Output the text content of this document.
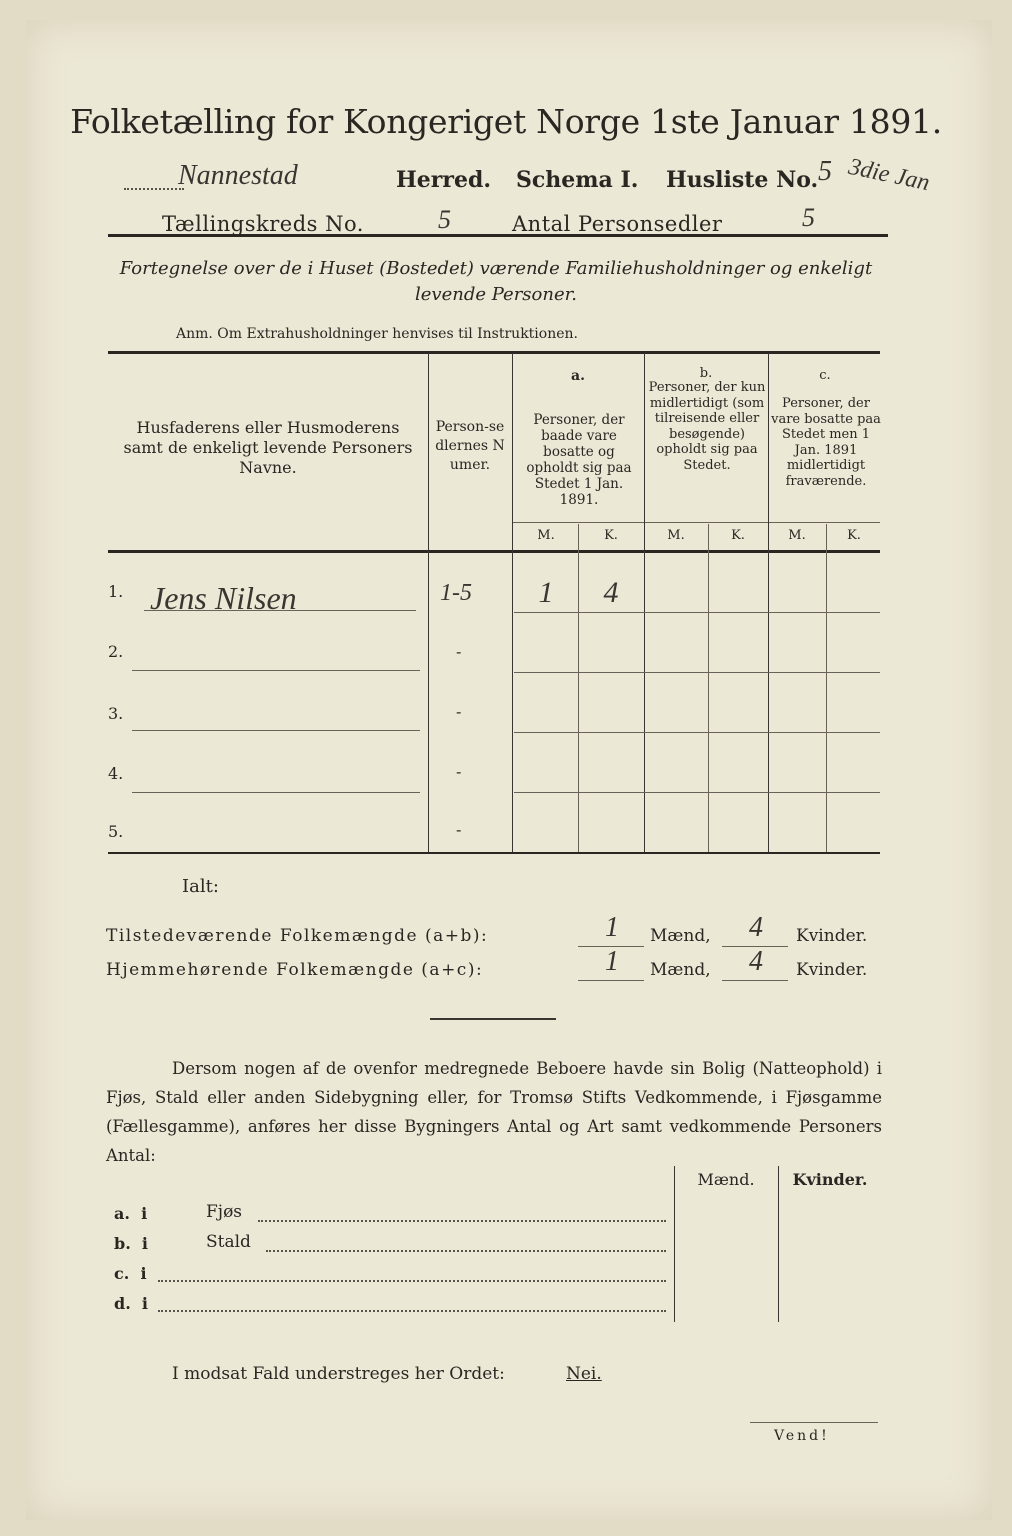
Folketælling for Kongeriget Norge 1ste Januar 1891.
Nannestad	Herred. Schema I. Husliste No. 5 3die Jan
Tællingskreds No.	5	Antal Personsedler	5
Fortegnelse over de i Huset (Bostedet) værende Familiehusholdninger og enkeligt
levende Personer.
Anm. Om Extrahusholdninger henvises til Instruktionen.
Husfaderens eller Husmoderens samt de enkeligt levende Personers Navne.
Person-sedlernes Numer.
a.
Personer, der baade vare bosatte og opholdt sig paa Stedet 1 Jan. 1891.
b.
Personer, der kun midlertidigt (som tilreisende eller besøgende) opholdt sig paa Stedet.
c.
Personer, der vare bosatte paa Stedet men 1 Jan. 1891 midlertidigt fraværende.
M.	K.	M.	K.	M.	K.
1. Jens Nilsen	1-5	1	4
2.	-
3.	-
4.	-
5.	-
Ialt:
Tilstedeværende Folkemængde (a+b):	1	Mænd,	4	Kvinder.
Hjemmehørende Folkemængde (a+c):	1	Mænd,	4	Kvinder.
Dersom nogen af de ovenfor medregnede Beboere havde sin Bolig (Natteophold) i Fjøs, Stald eller anden Sidebygning eller, for Tromsø Stifts Vedkommende, i Fjøsgamme (Fællesgamme), anføres her disse Bygningers Antal og Art samt vedkommende Personers Antal:
Mænd.	Kvinder.
a.  i	Fjøs
b.  i	Stald
c.  i
d.  i
I modsat Fald understreges her Ordet:	Nei.
Vend!
